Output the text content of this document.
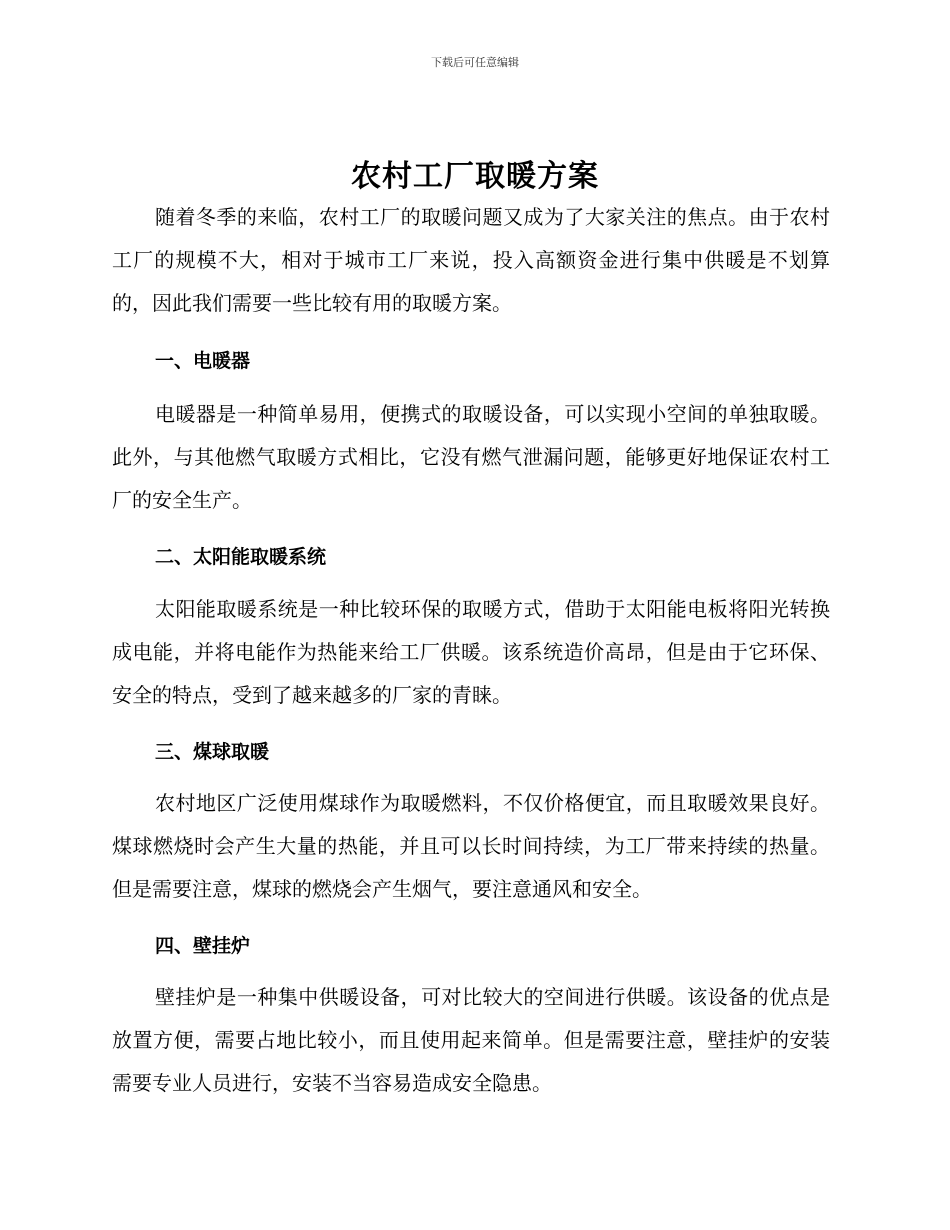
下载后可任意编辑
农村工厂取暖方案

随着冬季的来临，农村工厂的取暖问题又成为了大家关注的焦点。由于农村工厂的规模不大，相对于城市工厂来说，投入高额资金进行集中供暖是不划算的，因此我们需要一些比较有用的取暖方案。

一、电暖器

电暖器是一种简单易用，便携式的取暖设备，可以实现小空间的单独取暖。此外，与其他燃气取暖方式相比，它没有燃气泄漏问题，能够更好地保证农村工厂的安全生产。

二、太阳能取暖系统

太阳能取暖系统是一种比较环保的取暖方式，借助于太阳能电板将阳光转换成电能，并将电能作为热能来给工厂供暖。该系统造价高昂，但是由于它环保、安全的特点，受到了越来越多的厂家的青睐。

三、煤球取暖

农村地区广泛使用煤球作为取暖燃料，不仅价格便宜，而且取暖效果良好。煤球燃烧时会产生大量的热能，并且可以长时间持续，为工厂带来持续的热量。但是需要注意，煤球的燃烧会产生烟气，要注意通风和安全。

四、壁挂炉

壁挂炉是一种集中供暖设备，可对比较大的空间进行供暖。该设备的优点是放置方便，需要占地比较小，而且使用起来简单。但是需要注意，壁挂炉的安装需要专业人员进行，安装不当容易造成安全隐患。
